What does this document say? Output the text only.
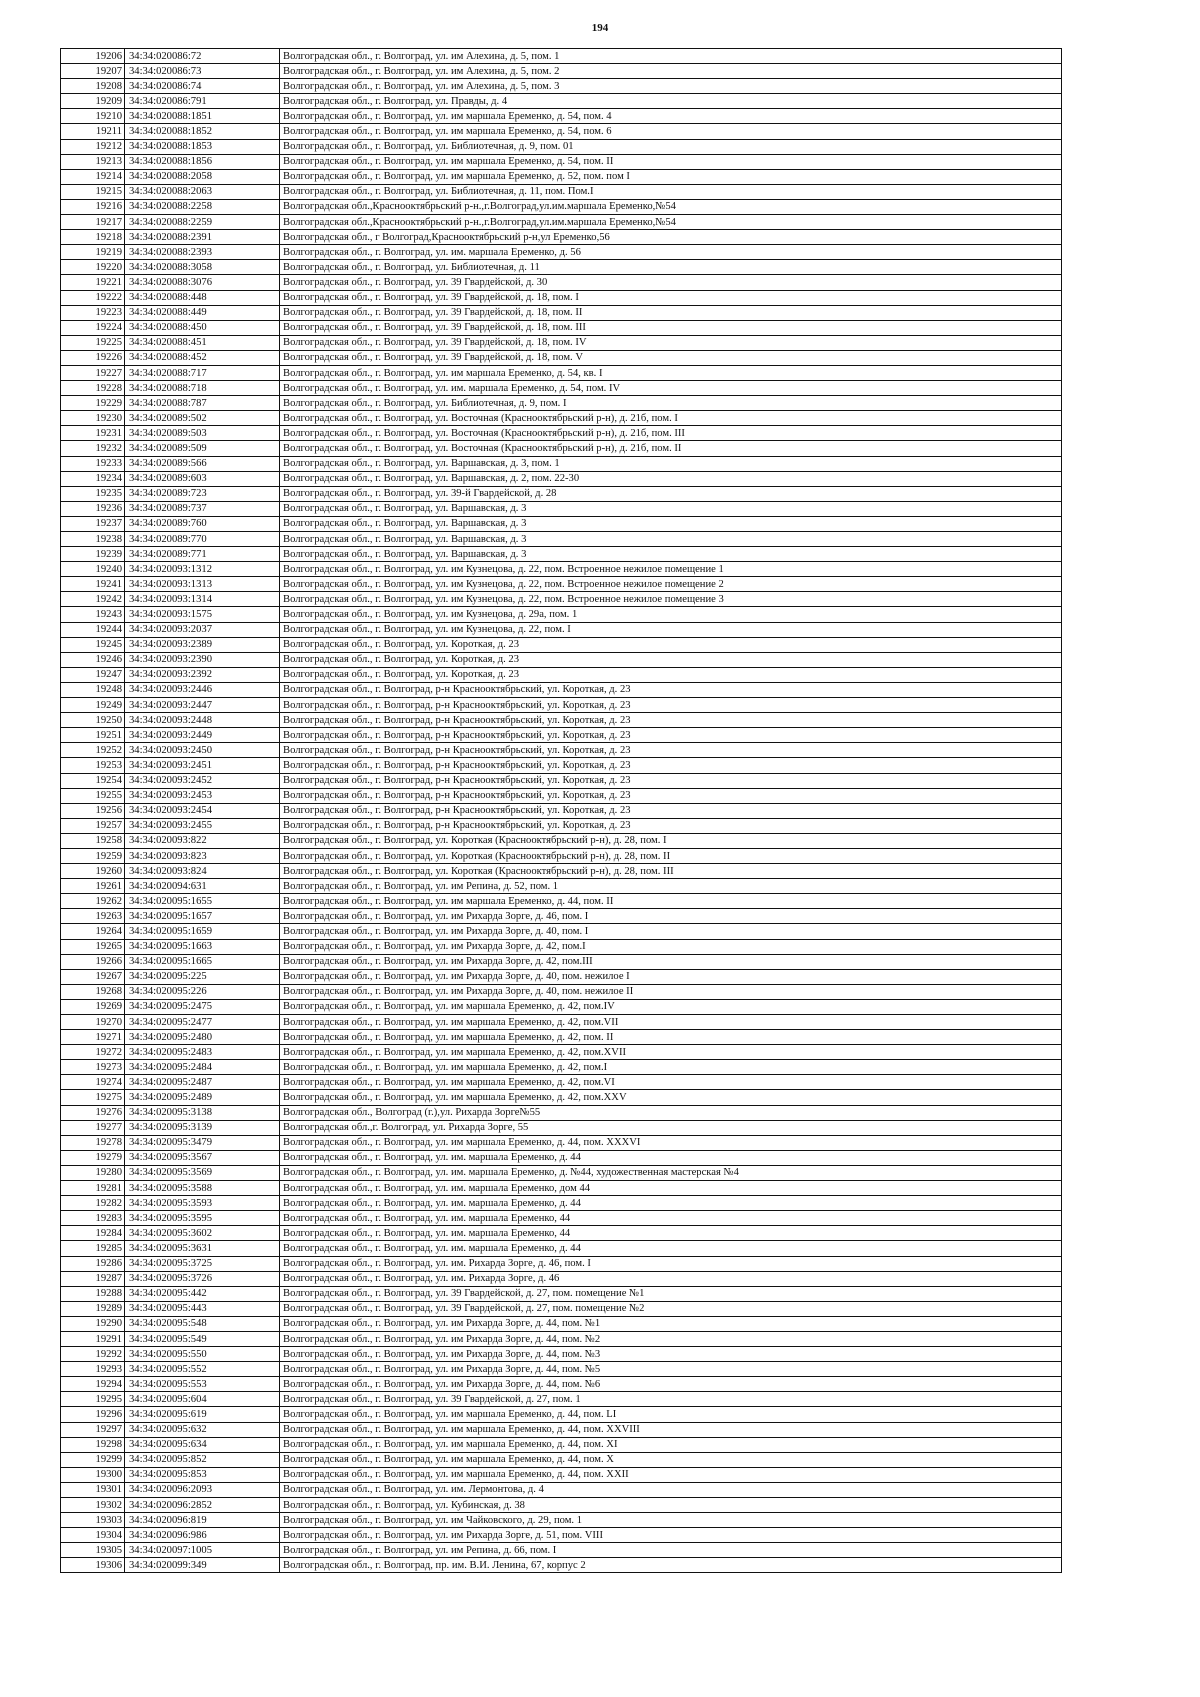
194
19206	34:34:020086:72	Волгоградская обл., г. Волгоград, ул. им Алехина, д. 5, пом. 1
19207	34:34:020086:73	Волгоградская обл., г. Волгоград, ул. им Алехина, д. 5, пом. 2
19208	34:34:020086:74	Волгоградская обл., г. Волгоград, ул. им Алехина, д. 5, пом. 3
19209	34:34:020086:791	Волгоградская обл., г. Волгоград, ул. Правды, д. 4
19210	34:34:020088:1851	Волгоградская обл., г. Волгоград, ул. им маршала Еременко, д. 54, пом. 4
19211	34:34:020088:1852	Волгоградская обл., г. Волгоград, ул. им маршала Еременко, д. 54, пом. 6
19212	34:34:020088:1853	Волгоградская обл., г. Волгоград, ул. Библиотечная, д. 9, пом. 01
19213	34:34:020088:1856	Волгоградская обл., г. Волгоград, ул. им маршала Еременко, д. 54, пом. II
19214	34:34:020088:2058	Волгоградская обл., г. Волгоград, ул. им маршала Еременко, д. 52, пом. пом I
19215	34:34:020088:2063	Волгоградская обл., г. Волгоград, ул. Библиотечная, д. 11, пом. Пом.I
19216	34:34:020088:2258	Волгоградская обл.,Краснооктябрьский р-н.,г.Волгоград,ул.им.маршала Еременко,№54
19217	34:34:020088:2259	Волгоградская обл.,Краснооктябрьский р-н.,г.Волгоград,ул.им.маршала Еременко,№54
19218	34:34:020088:2391	Волгоградская обл., г Волгоград,Краснооктябрьский р-н,ул Еременко,56
19219	34:34:020088:2393	Волгоградская обл., г. Волгоград, ул. им. маршала Еременко, д. 56
19220	34:34:020088:3058	Волгоградская обл., г. Волгоград, ул. Библиотечная, д. 11
19221	34:34:020088:3076	Волгоградская обл., г. Волгоград, ул. 39 Гвардейской, д. 30
19222	34:34:020088:448	Волгоградская обл., г. Волгоград, ул. 39 Гвардейской, д. 18, пом. I
19223	34:34:020088:449	Волгоградская обл., г. Волгоград, ул. 39 Гвардейской, д. 18, пом. II
19224	34:34:020088:450	Волгоградская обл., г. Волгоград, ул. 39 Гвардейской, д. 18, пом. III
19225	34:34:020088:451	Волгоградская обл., г. Волгоград, ул. 39 Гвардейской, д. 18, пом. IV
19226	34:34:020088:452	Волгоградская обл., г. Волгоград, ул. 39 Гвардейской, д. 18, пом. V
19227	34:34:020088:717	Волгоградская обл., г. Волгоград, ул. им маршала Еременко, д. 54, кв. I
19228	34:34:020088:718	Волгоградская обл., г. Волгоград, ул. им. маршала Еременко, д. 54, пом. IV
19229	34:34:020088:787	Волгоградская обл., г. Волгоград, ул. Библиотечная, д. 9, пом. I
19230	34:34:020089:502	Волгоградская обл., г. Волгоград, ул. Восточная (Краснооктябрьский р-н), д. 21б, пом. I
19231	34:34:020089:503	Волгоградская обл., г. Волгоград, ул. Восточная (Краснооктябрьский р-н), д. 21б, пом. III
19232	34:34:020089:509	Волгоградская обл., г. Волгоград, ул. Восточная (Краснооктябрьский р-н), д. 21б, пом. II
19233	34:34:020089:566	Волгоградская обл., г. Волгоград, ул. Варшавская, д. 3, пом. 1
19234	34:34:020089:603	Волгоградская обл., г. Волгоград, ул. Варшавская, д. 2, пом. 22-30
19235	34:34:020089:723	Волгоградская обл., г. Волгоград, ул. 39-й Гвардейской, д. 28
19236	34:34:020089:737	Волгоградская обл., г. Волгоград, ул. Варшавская, д. 3
19237	34:34:020089:760	Волгоградская обл., г. Волгоград, ул. Варшавская, д. 3
19238	34:34:020089:770	Волгоградская обл., г. Волгоград, ул. Варшавская, д. 3
19239	34:34:020089:771	Волгоградская обл., г. Волгоград, ул. Варшавская, д. 3
19240	34:34:020093:1312	Волгоградская обл., г. Волгоград, ул. им Кузнецова, д. 22, пом. Встроенное нежилое помещение 1
19241	34:34:020093:1313	Волгоградская обл., г. Волгоград, ул. им Кузнецова, д. 22, пом. Встроенное нежилое помещение 2
19242	34:34:020093:1314	Волгоградская обл., г. Волгоград, ул. им Кузнецова, д. 22, пом. Встроенное нежилое помещение 3
19243	34:34:020093:1575	Волгоградская обл., г. Волгоград, ул. им Кузнецова, д. 29а, пом. 1
19244	34:34:020093:2037	Волгоградская обл., г. Волгоград, ул. им Кузнецова, д. 22, пом. I
19245	34:34:020093:2389	Волгоградская обл., г. Волгоград, ул. Короткая, д. 23
19246	34:34:020093:2390	Волгоградская обл., г. Волгоград, ул. Короткая, д. 23
19247	34:34:020093:2392	Волгоградская обл., г. Волгоград, ул. Короткая, д. 23
19248	34:34:020093:2446	Волгоградская обл., г. Волгоград, р-н Краснооктябрьский, ул. Короткая, д. 23
19249	34:34:020093:2447	Волгоградская обл., г. Волгоград, р-н Краснооктябрьский, ул. Короткая, д. 23
19250	34:34:020093:2448	Волгоградская обл., г. Волгоград, р-н Краснооктябрьский, ул. Короткая, д. 23
19251	34:34:020093:2449	Волгоградская обл., г. Волгоград, р-н Краснооктябрьский, ул. Короткая, д. 23
19252	34:34:020093:2450	Волгоградская обл., г. Волгоград, р-н Краснооктябрьский, ул. Короткая, д. 23
19253	34:34:020093:2451	Волгоградская обл., г. Волгоград, р-н Краснооктябрьский, ул. Короткая, д. 23
19254	34:34:020093:2452	Волгоградская обл., г. Волгоград, р-н Краснооктябрьский, ул. Короткая, д. 23
19255	34:34:020093:2453	Волгоградская обл., г. Волгоград, р-н Краснооктябрьский, ул. Короткая, д. 23
19256	34:34:020093:2454	Волгоградская обл., г. Волгоград, р-н Краснооктябрьский, ул. Короткая, д. 23
19257	34:34:020093:2455	Волгоградская обл., г. Волгоград, р-н Краснооктябрьский, ул. Короткая, д. 23
19258	34:34:020093:822	Волгоградская обл., г. Волгоград, ул. Короткая (Краснооктябрьский р-н), д. 28, пом. I
19259	34:34:020093:823	Волгоградская обл., г. Волгоград, ул. Короткая (Краснооктябрьский р-н), д. 28, пом. II
19260	34:34:020093:824	Волгоградская обл., г. Волгоград, ул. Короткая (Краснооктябрьский р-н), д. 28, пом. III
19261	34:34:020094:631	Волгоградская обл., г. Волгоград, ул. им Репина, д. 52, пом. 1
19262	34:34:020095:1655	Волгоградская обл., г. Волгоград, ул. им маршала Еременко, д. 44, пом. II
19263	34:34:020095:1657	Волгоградская обл., г. Волгоград, ул. им Рихарда Зорге, д. 46, пом. I
19264	34:34:020095:1659	Волгоградская обл., г. Волгоград, ул. им Рихарда Зорге, д. 40, пом. I
19265	34:34:020095:1663	Волгоградская обл., г. Волгоград, ул. им Рихарда Зорге, д. 42, пом.I
19266	34:34:020095:1665	Волгоградская обл., г. Волгоград, ул. им Рихарда Зорге, д. 42, пом.III
19267	34:34:020095:225	Волгоградская обл., г. Волгоград, ул. им Рихарда Зорге, д. 40, пом. нежилое I
19268	34:34:020095:226	Волгоградская обл., г. Волгоград, ул. им Рихарда Зорге, д. 40, пом. нежилое II
19269	34:34:020095:2475	Волгоградская обл., г. Волгоград, ул. им маршала Еременко, д. 42, пом.IV
19270	34:34:020095:2477	Волгоградская обл., г. Волгоград, ул. им маршала Еременко, д. 42, пом.VII
19271	34:34:020095:2480	Волгоградская обл., г. Волгоград, ул. им маршала Еременко, д. 42, пом. II
19272	34:34:020095:2483	Волгоградская обл., г. Волгоград, ул. им маршала Еременко, д. 42, пом.XVII
19273	34:34:020095:2484	Волгоградская обл., г. Волгоград, ул. им маршала Еременко, д. 42, пом.I
19274	34:34:020095:2487	Волгоградская обл., г. Волгоград, ул. им маршала Еременко, д. 42, пом.VI
19275	34:34:020095:2489	Волгоградская обл., г. Волгоград, ул. им маршала Еременко, д. 42, пом.XXV
19276	34:34:020095:3138	Волгоградская обл., Волгоград (г.),ул. Рихарда Зорге№55
19277	34:34:020095:3139	Волгоградская обл.,г. Волгоград, ул. Рихарда Зорге, 55
19278	34:34:020095:3479	Волгоградская обл., г. Волгоград, ул. им маршала Еременко, д. 44, пом. XXXVI
19279	34:34:020095:3567	Волгоградская обл., г. Волгоград, ул. им. маршала Еременко, д. 44
19280	34:34:020095:3569	Волгоградская обл., г. Волгоград, ул. им. маршала Еременко, д. №44, художественная мастерская №4
19281	34:34:020095:3588	Волгоградская обл., г. Волгоград, ул. им. маршала Еременко, дом 44
19282	34:34:020095:3593	Волгоградская обл., г. Волгоград, ул. им. маршала Еременко, д. 44
19283	34:34:020095:3595	Волгоградская обл., г. Волгоград, ул. им. маршала Еременко, 44
19284	34:34:020095:3602	Волгоградская обл., г. Волгоград, ул. им. маршала Еременко, 44
19285	34:34:020095:3631	Волгоградская обл., г. Волгоград, ул. им. маршала Еременко, д. 44
19286	34:34:020095:3725	Волгоградская обл., г. Волгоград, ул. им. Рихарда Зорге, д. 46, пом. I
19287	34:34:020095:3726	Волгоградская обл., г. Волгоград, ул. им. Рихарда Зорге, д. 46
19288	34:34:020095:442	Волгоградская обл., г. Волгоград, ул. 39 Гвардейской, д. 27, пом. помещение №1
19289	34:34:020095:443	Волгоградская обл., г. Волгоград, ул. 39 Гвардейской, д. 27, пом. помещение №2
19290	34:34:020095:548	Волгоградская обл., г. Волгоград, ул. им Рихарда Зорге, д. 44, пом. №1
19291	34:34:020095:549	Волгоградская обл., г. Волгоград, ул. им Рихарда Зорге, д. 44, пом. №2
19292	34:34:020095:550	Волгоградская обл., г. Волгоград, ул. им Рихарда Зорге, д. 44, пом. №3
19293	34:34:020095:552	Волгоградская обл., г. Волгоград, ул. им Рихарда Зорге, д. 44, пом. №5
19294	34:34:020095:553	Волгоградская обл., г. Волгоград, ул. им Рихарда Зорге, д. 44, пом. №6
19295	34:34:020095:604	Волгоградская обл., г. Волгоград, ул. 39 Гвардейской, д. 27, пом. 1
19296	34:34:020095:619	Волгоградская обл., г. Волгоград, ул. им маршала Еременко, д. 44, пом. LI
19297	34:34:020095:632	Волгоградская обл., г. Волгоград, ул. им маршала Еременко, д. 44, пом. XXVIII
19298	34:34:020095:634	Волгоградская обл., г. Волгоград, ул. им маршала Еременко, д. 44, пом. XI
19299	34:34:020095:852	Волгоградская обл., г. Волгоград, ул. им маршала Еременко, д. 44, пом. X
19300	34:34:020095:853	Волгоградская обл., г. Волгоград, ул. им маршала Еременко, д. 44, пом. XXII
19301	34:34:020096:2093	Волгоградская обл., г. Волгоград, ул. им. Лермонтова, д. 4
19302	34:34:020096:2852	Волгоградская обл., г. Волгоград, ул. Кубинская, д. 38
19303	34:34:020096:819	Волгоградская обл., г. Волгоград, ул. им Чайковского, д. 29, пом. 1
19304	34:34:020096:986	Волгоградская обл., г. Волгоград, ул. им Рихарда Зорге, д. 51, пом. VIII
19305	34:34:020097:1005	Волгоградская обл., г. Волгоград, ул. им Репина, д. 66, пом. I
19306	34:34:020099:349	Волгоградская обл., г. Волгоград, пр. им. В.И. Ленина, 67, корпус 2
